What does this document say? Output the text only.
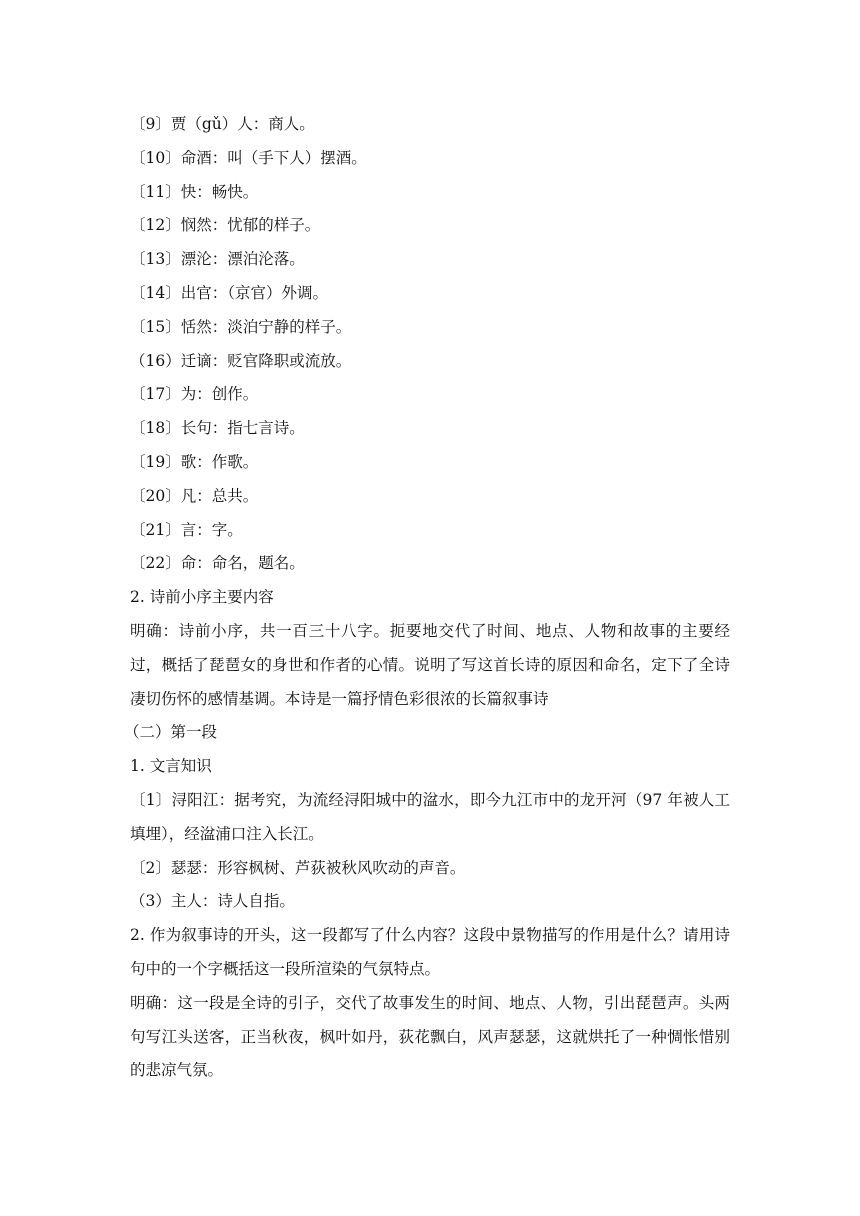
〔9〕贾（gǔ）人：商人。
〔10〕命酒：叫（手下人）摆酒。
〔11〕快：畅快。
〔12〕悯然：忧郁的样子。
〔13〕漂沦：漂泊沦落。
〔14〕出官：（京官）外调。
〔15〕恬然：淡泊宁静的样子。
（16）迁谪：贬官降职或流放。
〔17〕为：创作。
〔18〕长句：指七言诗。
〔19〕歌：作歌。
〔20〕凡：总共。
〔21〕言：字。
〔22〕命：命名，题名。
2. 诗前小序主要内容
明确：诗前小序，共一百三十八字。扼要地交代了时间、地点、人物和故事的主要经过，概括了琵琶女的身世和作者的心情。说明了写这首长诗的原因和命名，定下了全诗凄切伤怀的感情基调。本诗是一篇抒情色彩很浓的长篇叙事诗
（二）第一段
1. 文言知识
〔1〕浔阳江：据考究，为流经浔阳城中的湓水，即今九江市中的龙开河（97 年被人工填埋），经湓浦口注入长江。
〔2〕瑟瑟：形容枫树、芦荻被秋风吹动的声音。
（3）主人：诗人自指。
2. 作为叙事诗的开头，这一段都写了什么内容？这段中景物描写的作用是什么？请用诗句中的一个字概括这一段所渲染的气氛特点。
明确：这一段是全诗的引子，交代了故事发生的时间、地点、人物，引出琵琶声。头两句写江头送客，正当秋夜，枫叶如丹，荻花飘白，风声瑟瑟，这就烘托了一种惆怅惜别的悲凉气氛。
